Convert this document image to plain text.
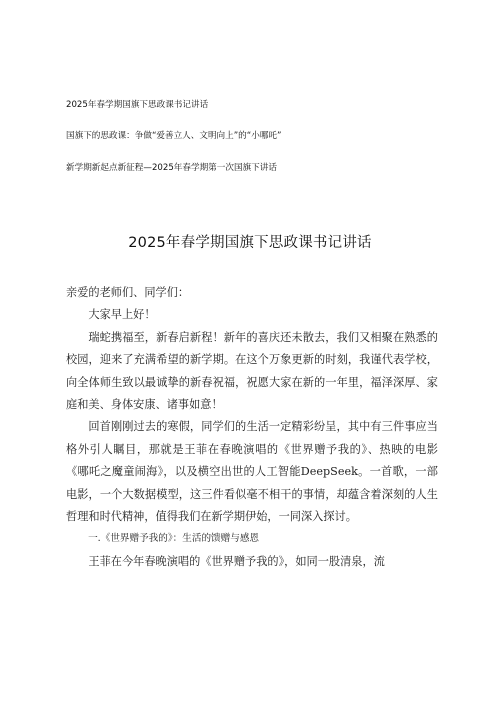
2025年春学期国旗下思政课书记讲话
国旗下的思政课：争做“爱善立人、文明向上”的“小哪吒”
新学期新起点新征程—2025年春学期第一次国旗下讲话
2025年春学期国旗下思政课书记讲话

亲爱的老师们、同学们：

大家早上好！

瑞蛇携福至，新春启新程！新年的喜庆还未散去，我们又相聚在熟悉的校园，迎来了充满希望的新学期。在这个万象更新的时刻，我谨代表学校，向全体师生致以最诚挚的新春祝福，祝愿大家在新的一年里，福泽深厚、家庭和美、身体安康、诸事如意！

回首刚刚过去的寒假，同学们的生活一定精彩纷呈，其中有三件事应当格外引人瞩目，那就是王菲在春晚演唱的《世界赠予我的》、热映的电影《哪吒之魔童闹海》，以及横空出世的人工智能DeepSeek。一首歌，一部电影，一个大数据模型，这三件看似毫不相干的事情，却蕴含着深刻的人生哲理和时代精神，值得我们在新学期伊始，一同深入探讨。

一.《世界赠予我的》：生活的馈赠与感恩

王菲在今年春晚演唱的《世界赠予我的》，如同一股清泉，流
